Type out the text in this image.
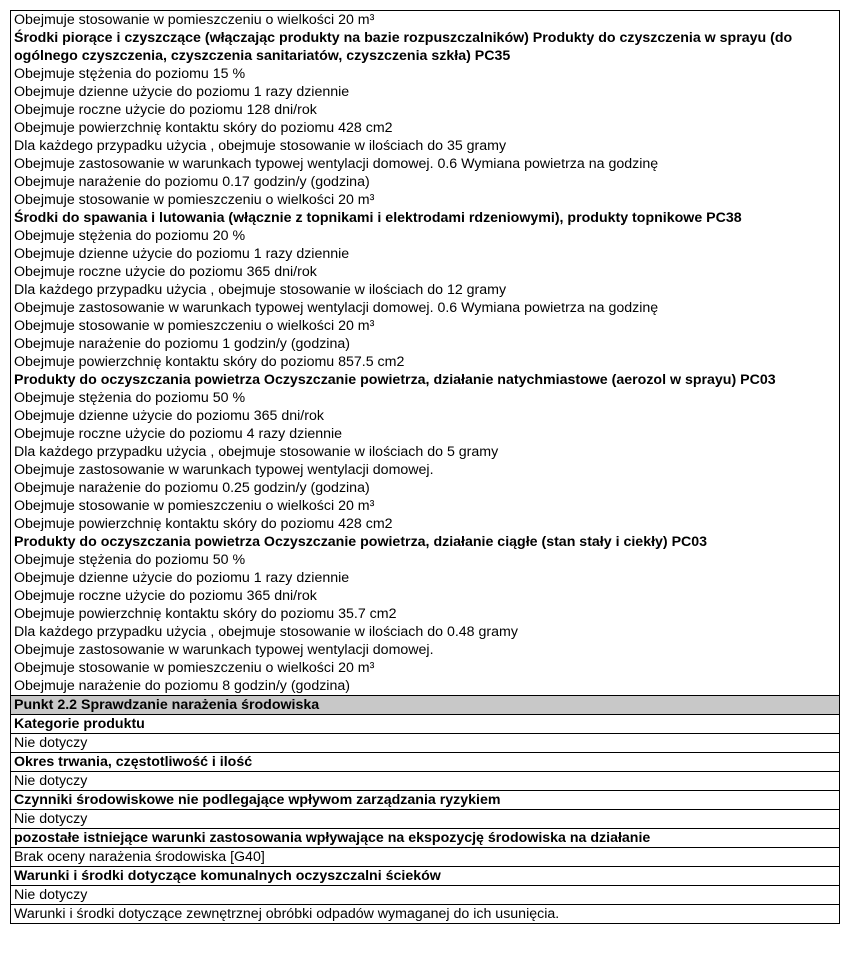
Obejmuje stosowanie w pomieszczeniu o wielkości 20 m³
Środki piorące i czyszczące (włączając produkty na bazie rozpuszczalników) Produkty do czyszczenia w sprayu (do ogólnego czyszczenia, czyszczenia sanitariatów, czyszczenia szkła) PC35
Obejmuje stężenia do poziomu 15 %
Obejmuje dzienne użycie do poziomu 1 razy dziennie
Obejmuje roczne użycie do poziomu 128 dni/rok
Obejmuje powierzchnię kontaktu skóry do poziomu 428 cm2
Dla każdego przypadku użycia , obejmuje stosowanie w ilościach do 35 gramy
Obejmuje zastosowanie w warunkach typowej wentylacji domowej. 0.6 Wymiana powietrza na godzinę
Obejmuje narażenie do poziomu 0.17 godzin/y (godzina)
Obejmuje stosowanie w pomieszczeniu o wielkości 20 m³
Środki do spawania i lutowania (włącznie z topnikami i elektrodami rdzeniowymi), produkty topnikowe PC38
Obejmuje stężenia do poziomu 20 %
Obejmuje dzienne użycie do poziomu 1 razy dziennie
Obejmuje roczne użycie do poziomu 365 dni/rok
Dla każdego przypadku użycia , obejmuje stosowanie w ilościach do 12 gramy
Obejmuje zastosowanie w warunkach typowej wentylacji domowej. 0.6 Wymiana powietrza na godzinę
Obejmuje stosowanie w pomieszczeniu o wielkości 20 m³
Obejmuje narażenie do poziomu 1 godzin/y (godzina)
Obejmuje powierzchnię kontaktu skóry do poziomu 857.5 cm2
Produkty do oczyszczania powietrza Oczyszczanie powietrza, działanie natychmiastowe (aerozol w sprayu) PC03
Obejmuje stężenia do poziomu 50 %
Obejmuje dzienne użycie do poziomu 365 dni/rok
Obejmuje roczne użycie do poziomu 4 razy dziennie
Dla każdego przypadku użycia , obejmuje stosowanie w ilościach do 5 gramy
Obejmuje zastosowanie w warunkach typowej wentylacji domowej.
Obejmuje narażenie do poziomu 0.25 godzin/y (godzina)
Obejmuje stosowanie w pomieszczeniu o wielkości 20 m³
Obejmuje powierzchnię kontaktu skóry do poziomu 428 cm2
Produkty do oczyszczania powietrza Oczyszczanie powietrza, działanie ciągłe (stan stały i ciekły) PC03
Obejmuje stężenia do poziomu 50 %
Obejmuje dzienne użycie do poziomu 1 razy dziennie
Obejmuje roczne użycie do poziomu 365 dni/rok
Obejmuje powierzchnię kontaktu skóry do poziomu 35.7 cm2
Dla każdego przypadku użycia , obejmuje stosowanie w ilościach do 0.48 gramy
Obejmuje zastosowanie w warunkach typowej wentylacji domowej.
Obejmuje stosowanie w pomieszczeniu o wielkości 20 m³
Obejmuje narażenie do poziomu 8 godzin/y (godzina)
Punkt 2.2 Sprawdzanie narażenia środowiska
Kategorie produktu
Nie dotyczy
Okres trwania, częstotliwość i ilość
Nie dotyczy
Czynniki środowiskowe nie podlegające wpływom zarządzania ryzykiem
Nie dotyczy
pozostałe istniejące warunki zastosowania wpływające na ekspozycję środowiska na działanie
Brak oceny narażenia środowiska [G40]
Warunki i środki dotyczące komunalnych oczyszczalni ścieków
Nie dotyczy
Warunki i środki dotyczące zewnętrznej obróbki odpadów wymaganej do ich usunięcia.
